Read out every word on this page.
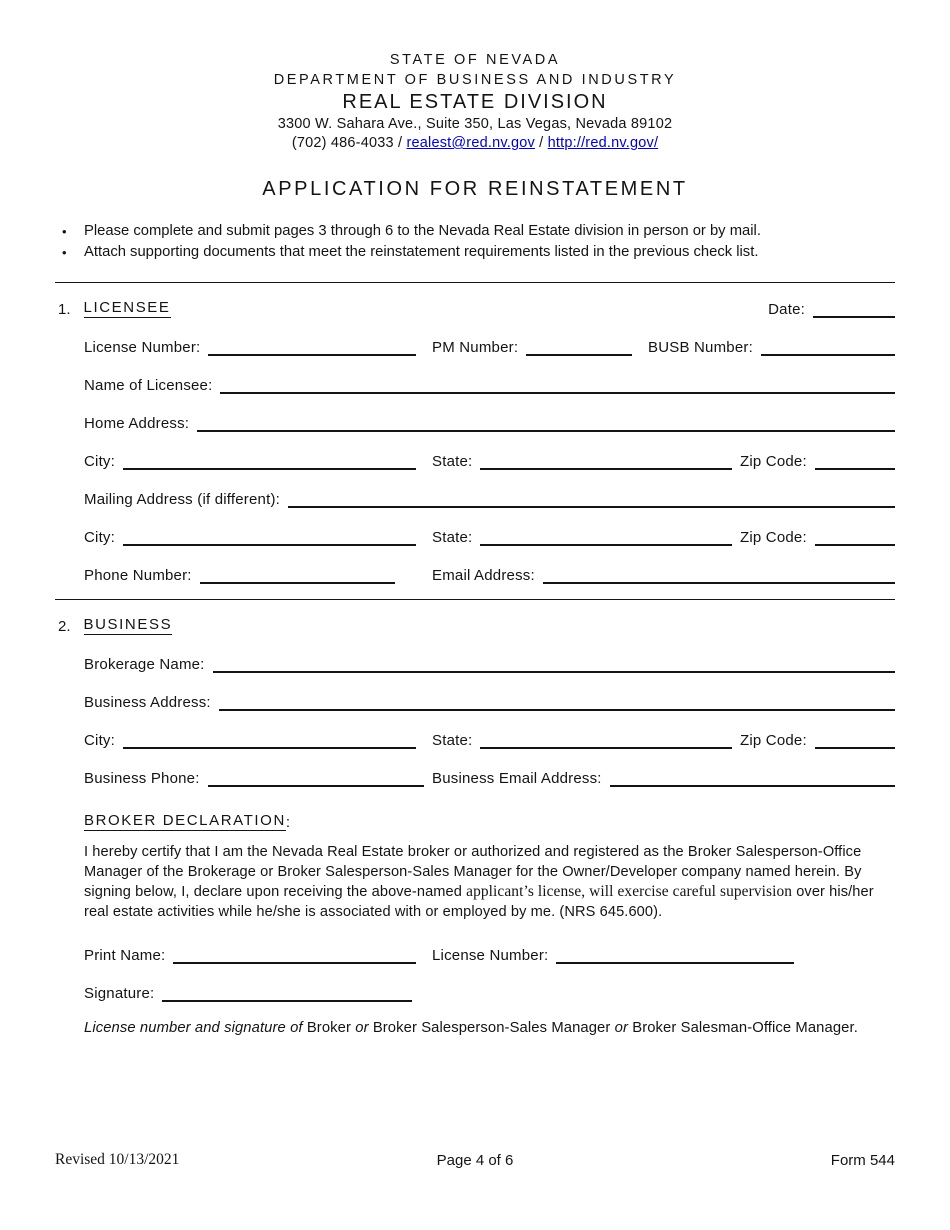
STATE OF NEVADA
DEPARTMENT OF BUSINESS AND INDUSTRY
REAL ESTATE DIVISION
3300 W. Sahara Ave., Suite 350, Las Vegas, Nevada 89102
(702) 486-4033 / realest@red.nv.gov / http://red.nv.gov/
APPLICATION FOR REINSTATEMENT
•	Please complete and submit pages 3 through 6 to the Nevada Real Estate division in person or by mail.
•	Attach supporting documents that meet the reinstatement requirements listed in the previous check list.
1. LICENSEE	Date:
License Number:	PM Number:	BUSB Number:
Name of Licensee:
Home Address:
City:	State:	Zip Code:
Mailing Address (if different):
City:	State:	Zip Code:
Phone Number:	Email Address:
2. BUSINESS
Brokerage Name:
Business Address:
City:	State:	Zip Code:
Business Phone:	Business Email Address:
BROKER DECLARATION :
I hereby certify that I am the Nevada Real Estate broker or authorized and registered as the Broker Salesperson-Office Manager of the Brokerage or Broker Salesperson-Sales Manager for the Owner/Developer company named herein. By signing below, I, declare upon receiving the above-named applicant’s license, will exercise careful supervision over his/her real estate activities while he/she is associated with or employed by me. (NRS 645.600).
Print Name:	License Number:
Signature:
License number and signature of Broker or Broker Salesperson-Sales Manager or Broker Salesman-Office Manager.
Revised 10/13/2021	Page 4 of 6	Form 544
